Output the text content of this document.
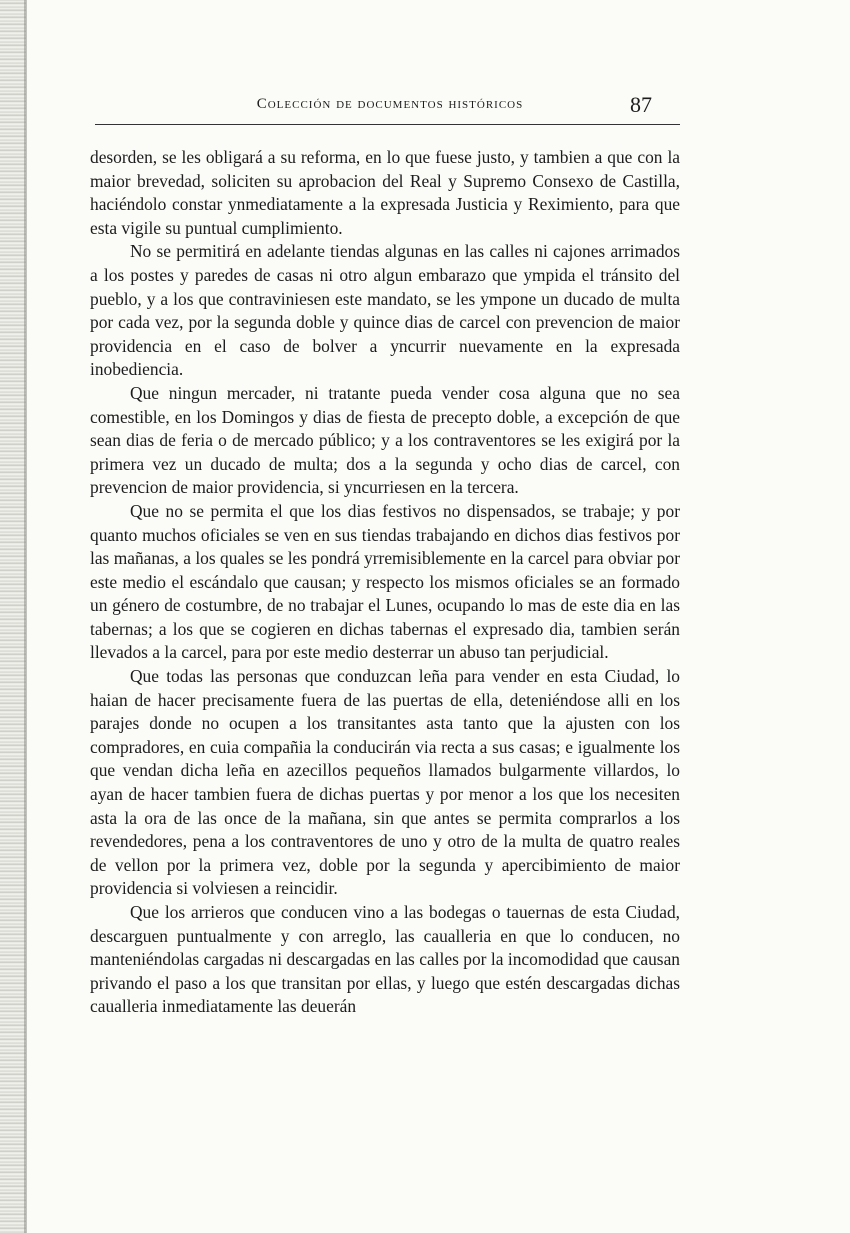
Colección de documentos históricos	87

desorden, se les obligará a su reforma, en lo que fuese justo, y tambien a que con la maior brevedad, soliciten su aprobacion del Real y Supremo Consexo de Castilla, haciéndolo constar ynmediatamente a la expresada Justicia y Reximiento, para que esta vigile su puntual cumplimiento.

No se permitirá en adelante tiendas algunas en las calles ni cajones arrimados a los postes y paredes de casas ni otro algun embarazo que ympida el tránsito del pueblo, y a los que contraviniesen este mandato, se les ympone un ducado de multa por cada vez, por la segunda doble y quince dias de carcel con prevencion de maior providencia en el caso de bolver a yncurrir nuevamente en la expresada inobediencia.

Que ningun mercader, ni tratante pueda vender cosa alguna que no sea comestible, en los Domingos y dias de fiesta de precepto doble, a excepción de que sean dias de feria o de mercado público; y a los contraventores se les exigirá por la primera vez un ducado de multa; dos a la segunda y ocho dias de carcel, con prevencion de maior providencia, si yncurriesen en la tercera.

Que no se permita el que los dias festivos no dispensados, se trabaje; y por quanto muchos oficiales se ven en sus tiendas trabajando en dichos dias festivos por las mañanas, a los quales se les pondrá yrremisiblemente en la carcel para obviar por este medio el escándalo que causan; y respecto los mismos oficiales se an formado un género de costumbre, de no trabajar el Lunes, ocupando lo mas de este dia en las tabernas; a los que se cogieren en dichas tabernas el expresado dia, tambien serán llevados a la carcel, para por este medio desterrar un abuso tan perjudicial.

Que todas las personas que conduzcan leña para vender en esta Ciudad, lo haian de hacer precisamente fuera de las puertas de ella, deteniéndose alli en los parajes donde no ocupen a los transitantes asta tanto que la ajusten con los compradores, en cuia compañia la conducirán via recta a sus casas; e igualmente los que vendan dicha leña en azecillos pequeños llamados bulgarmente villardos, lo ayan de hacer tambien fuera de dichas puertas y por menor a los que los necesiten asta la ora de las once de la mañana, sin que antes se permita comprarlos a los revendedores, pena a los contraventores de uno y otro de la multa de quatro reales de vellon por la primera vez, doble por la segunda y apercibimiento de maior providencia si volviesen a reincidir.

Que los arrieros que conducen vino a las bodegas o tauernas de esta Ciudad, descarguen puntualmente y con arreglo, las caualleria en que lo conducen, no manteniéndolas cargadas ni descargadas en las calles por la incomodidad que causan privando el paso a los que transitan por ellas, y luego que estén descargadas dichas caualleria inmediatamente las deuerán
